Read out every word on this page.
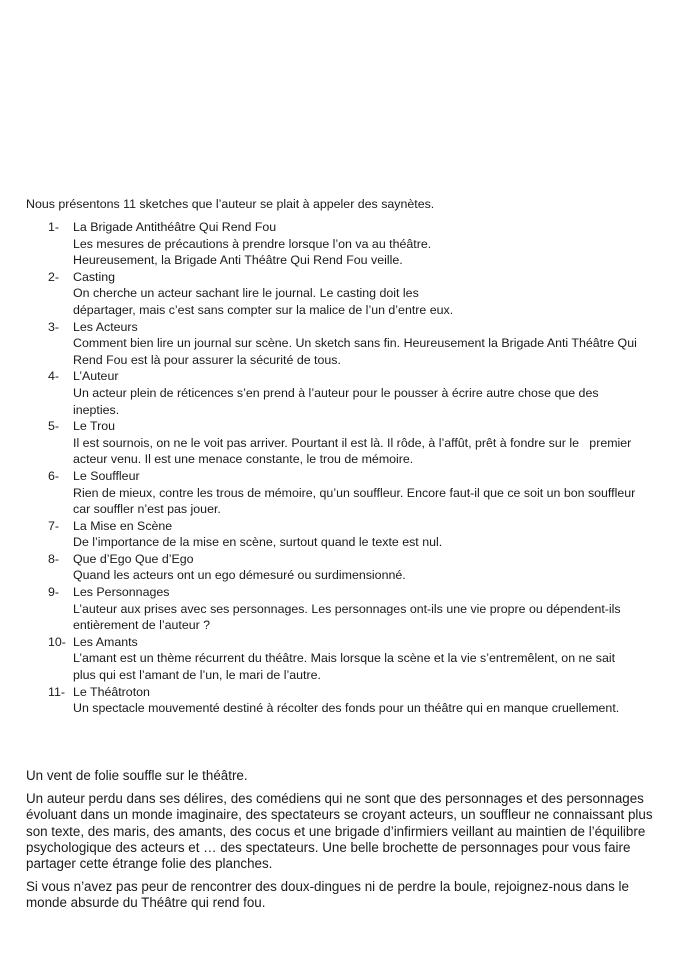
Nous présentons 11 sketches que l’auteur se plait à appeler des saynètes.

1-	La Brigade Antithéâtre Qui Rend Fou
Les mesures de précautions à prendre lorsque l’on va au théâtre.
Heureusement, la Brigade Anti Théâtre Qui Rend Fou veille.
2-	Casting
On cherche un acteur sachant lire le journal. Le casting doit les
départager, mais c’est sans compter sur la malice de l’un d’entre eux.
3-	Les Acteurs
Comment bien lire un journal sur scène. Un sketch sans fin. Heureusement la Brigade Anti Théâtre Qui
Rend Fou est là pour assurer la sécurité de tous.
4-	L’Auteur
Un acteur plein de réticences s’en prend à l’auteur pour le pousser à écrire autre chose que des
inepties.
5-	Le Trou
Il est sournois, on ne le voit pas arriver. Pourtant il est là. Il rôde, à l’affût, prêt à fondre sur le   premier
acteur venu. Il est une menace constante, le trou de mémoire.
6-	Le Souffleur
Rien de mieux, contre les trous de mémoire, qu’un souffleur. Encore faut-il que ce soit un bon souffleur
car souffler n’est pas jouer.
7-	La Mise en Scène
De l’importance de la mise en scène, surtout quand le texte est nul.
8-	Que d’Ego Que d’Ego
Quand les acteurs ont un ego démesuré ou surdimensionné.
9-	Les Personnages
L’auteur aux prises avec ses personnages. Les personnages ont-ils une vie propre ou dépendent-ils
entièrement de l’auteur ?
10- Les Amants
L’amant est un thème récurrent du théâtre. Mais lorsque la scène et la vie s’entremêlent, on ne sait
plus qui est l’amant de l’un, le mari de l’autre.
11- Le Théâtroton
Un spectacle mouvementé destiné à récolter des fonds pour un théâtre qui en manque cruellement.

Un vent de folie souffle sur le théâtre.

Un auteur perdu dans ses délires, des comédiens qui ne sont que des personnages et des personnages
évoluant dans un monde imaginaire, des spectateurs se croyant acteurs, un souffleur ne connaissant plus
son texte, des maris, des amants, des cocus et une brigade d’infirmiers veillant au maintien de l’équilibre
psychologique des acteurs et … des spectateurs. Une belle brochette de personnages pour vous faire
partager cette étrange folie des planches.

Si vous n’avez pas peur de rencontrer des doux-dingues ni de perdre la boule, rejoignez-nous dans le
monde absurde du Théâtre qui rend fou.
